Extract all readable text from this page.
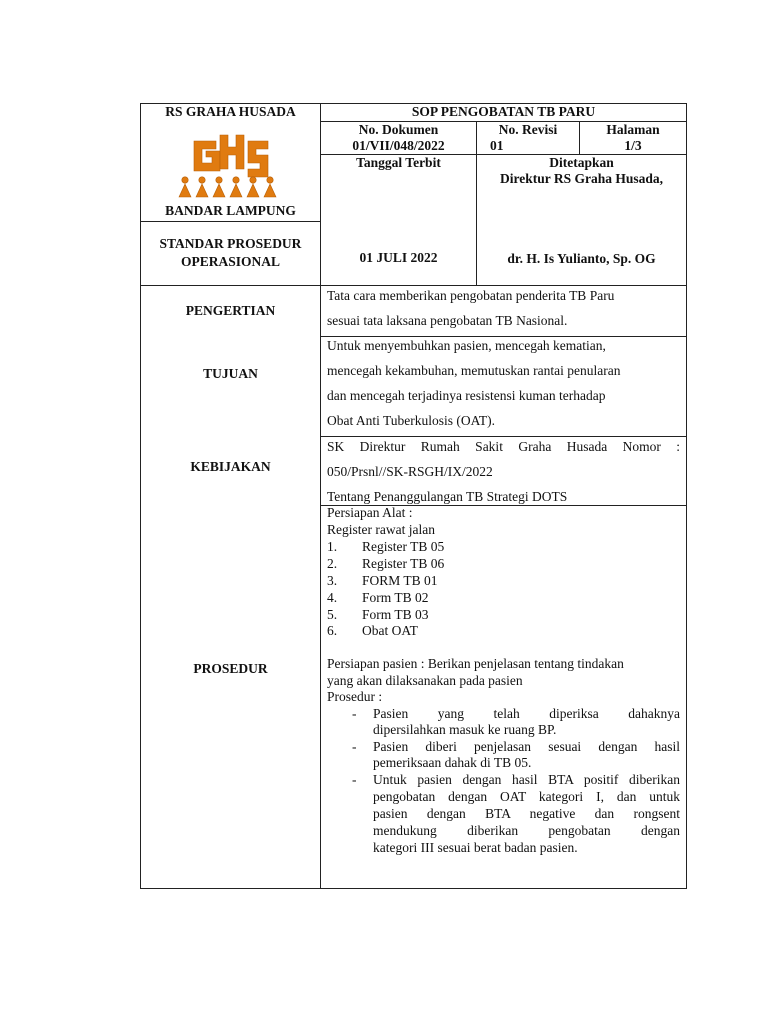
RS GRAHA HUSADA
BANDAR LAMPUNG
STANDAR PROSEDUR
OPERASIONAL
SOP PENGOBATAN TB PARU
No. Dokumen
01/VII/048/2022
No. Revisi
01
Halaman
1/3
Tanggal Terbit
01 JULI 2022
Ditetapkan
Direktur RS Graha Husada,
dr. H. Is Yulianto, Sp. OG
PENGERTIAN
TUJUAN
KEBIJAKAN
PROSEDUR
Tata cara memberikan pengobatan penderita TB Paru
sesuai tata laksana pengobatan TB Nasional.
Untuk menyembuhkan pasien, mencegah kematian,
mencegah kekambuhan, memutuskan rantai penularan
dan mencegah terjadinya resistensi kuman terhadap
Obat Anti Tuberkulosis (OAT).
SK Direktur Rumah Sakit Graha Husada Nomor :
050/Prsnl//SK-RSGH/IX/2022
Tentang Penanggulangan TB Strategi DOTS
Persiapan Alat :
Register rawat jalan
1. Register TB 05
2. Register TB 06
3. FORM TB 01
4. Form TB 02
5. Form TB 03
6. Obat OAT
Persiapan pasien : Berikan penjelasan tentang tindakan
yang akan dilaksanakan pada pasien
Prosedur :
- Pasien yang telah diperiksa dahaknya
dipersilahkan masuk ke ruang BP.
- Pasien diberi penjelasan sesuai dengan hasil
pemeriksaan dahak di TB 05.
- Untuk pasien dengan hasil BTA positif diberikan
pengobatan dengan OAT kategori I, dan untuk
pasien dengan BTA negative dan rongsent
mendukung diberikan pengobatan dengan
kategori III sesuai berat badan pasien.
